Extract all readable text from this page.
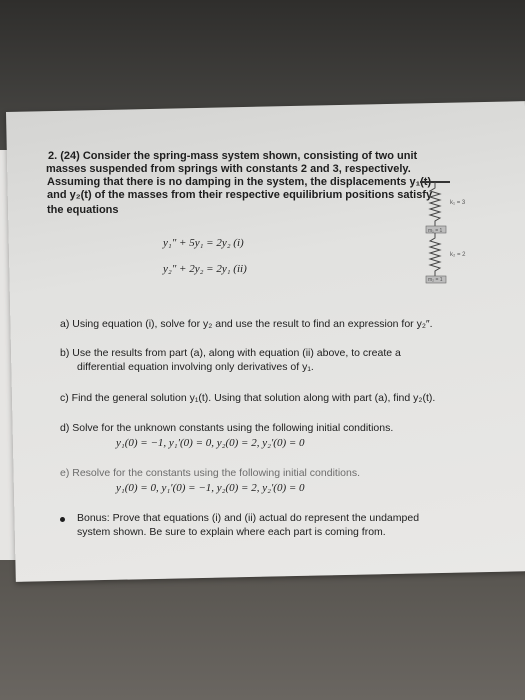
2. (24) Consider the spring-mass system shown, consisting of two unit
masses suspended from springs with constants 2 and 3, respectively.
Assuming that there is no damping in the system, the displacements y₁(t)
and y₂(t) of the masses from their respective equilibrium positions satisfy
the equations
y₁″ + 5y₁ = 2y₂ (i)
y₂″ + 2y₂ = 2y₁ (ii)
k₁ = 3
m₁ = 1
k₂ = 2
m₂ = 1
a) Using equation (i), solve for y₂ and use the result to find an expression for y₂″.
b) Use the results from part (a), along with equation (ii) above, to create a
differential equation involving only derivatives of y₁.
c) Find the general solution y₁(t). Using that solution along with part (a), find y₂(t).
d) Solve for the unknown constants using the following initial conditions.
y₁(0) = −1, y₁′(0) = 0, y₂(0) = 2, y₂′(0) = 0
e) Resolve for the constants using the following initial conditions.
y₁(0) = 0, y₁′(0) = −1, y₂(0) = 2, y₂′(0) = 0
Bonus: Prove that equations (i) and (ii) actual do represent the undamped
system shown. Be sure to explain where each part is coming from.
